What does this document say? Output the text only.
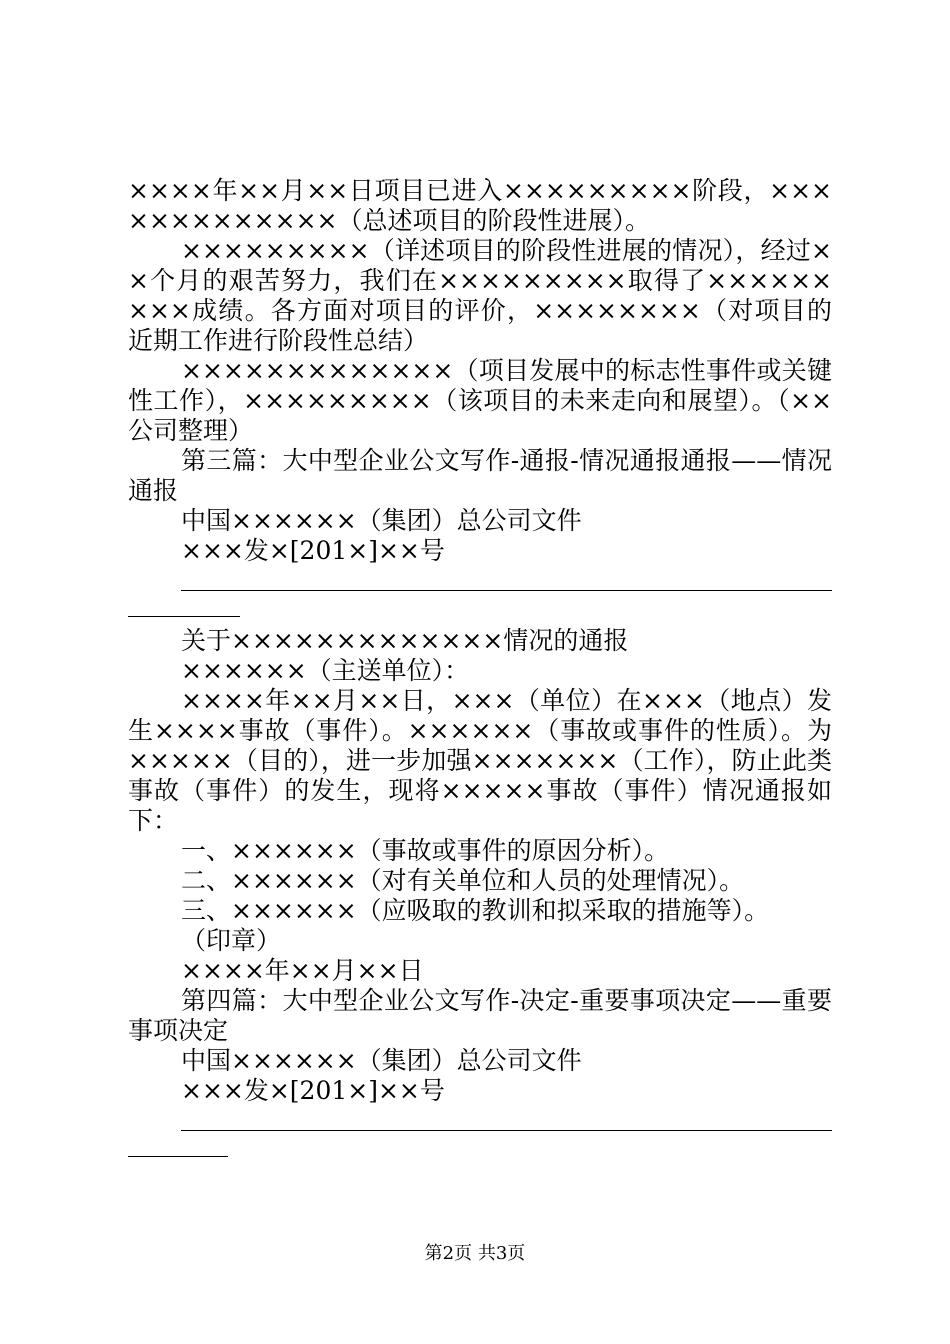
××××年××月××日项目已进入×××××××××阶段，×××××××××××××（总述项目的阶段性进展）。

×××××××××（详述项目的阶段性进展的情况），经过××个月的艰苦努力，我们在×××××××××取得了×××××××××成绩。各方面对项目的评价，××××××××（对项目的近期工作进行阶段性总结）

×××××××××××××（项目发展中的标志性事件或关键性工作），×××××××××（该项目的未来走向和展望）。（××公司整理）

第三篇：大中型企业公文写作-通报-情况通报通报——情况通报

中国××××××（集团）总公司文件

×××发×[201×]××号

关于×××××××××××××情况的通报

××××××（主送单位）：

××××年××月××日，×××（单位）在×××（地点）发生××××事故（事件）。××××××（事故或事件的性质）。为×××××（目的），进一步加强×××××××（工作），防止此类事故（事件）的发生，现将×××××事故（事件）情况通报如下：

一、××××××（事故或事件的原因分析）。

二、××××××（对有关单位和人员的处理情况）。

三、××××××（应吸取的教训和拟采取的措施等）。

（印章）

××××年××月××日

第四篇：大中型企业公文写作-决定-重要事项决定——重要事项决定

中国××××××（集团）总公司文件

×××发×[201×]××号

第2页 共3页
